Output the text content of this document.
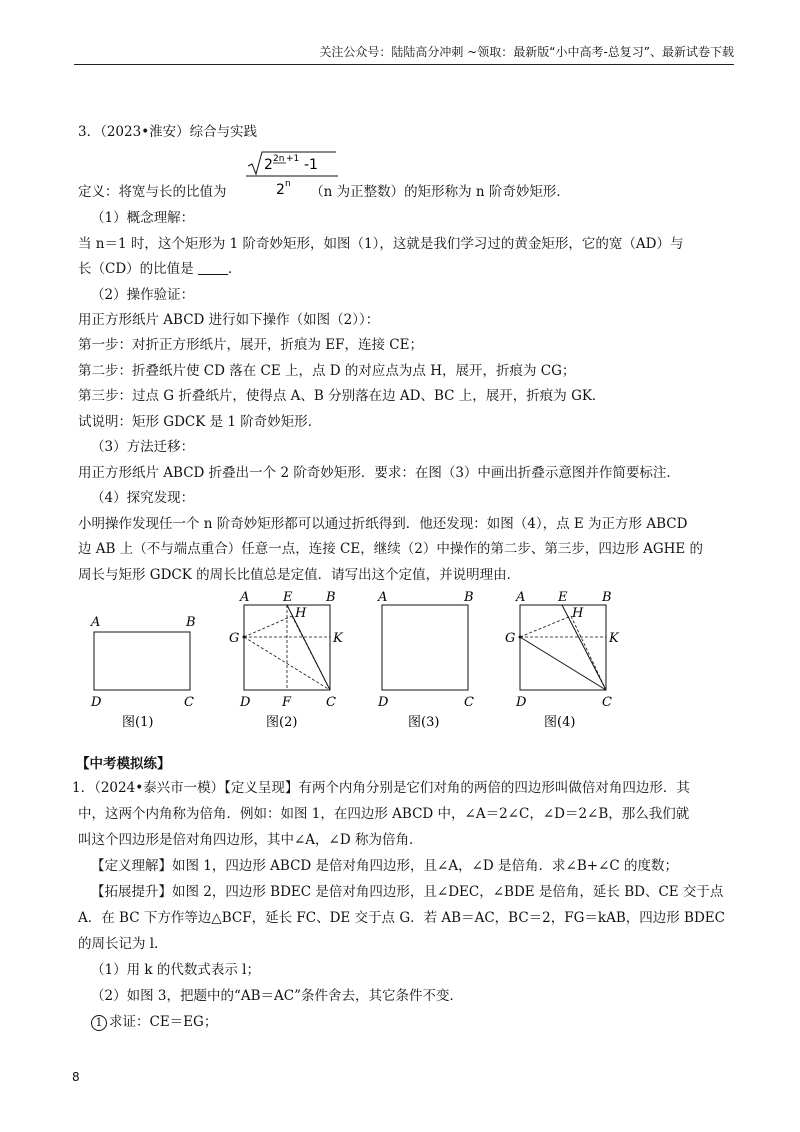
关注公众号：陆陆高分冲刺 ~领取：最新版“小中高考-总复习”、最新试卷下载
3．（2023•淮安）综合与实践
2 2n +1 -1
2 n
定义：将宽与长的比值为	（n 为正整数）的矩形称为 n 阶奇妙矩形．
（1）概念理解：
当 n＝1 时，这个矩形为 1 阶奇妙矩形，如图（1），这就是我们学习过的黄金矩形，它的宽（AD）与
长（CD）的比值是	．
（2）操作验证：
用正方形纸片 ABCD 进行如下操作（如图（2））：
第一步：对折正方形纸片，展开，折痕为 EF，连接 CE；
第二步：折叠纸片使 CD 落在 CE 上，点 D 的对应点为点 H，展开，折痕为 CG；
第三步：过点 G 折叠纸片，使得点 A、B 分别落在边 AD、BC 上，展开，折痕为 GK．
试说明：矩形 GDCK 是 1 阶奇妙矩形．
（3）方法迁移：
用正方形纸片 ABCD 折叠出一个 2 阶奇妙矩形．要求：在图（3）中画出折叠示意图并作简要标注．
（4）探究发现：
小明操作发现任一个 n 阶奇妙矩形都可以通过折纸得到．他还发现：如图（4），点 E 为正方形 ABCD
边 AB 上（不与端点重合）任意一点，连接 CE，继续（2）中操作的第二步、第三步，四边形 AGHE 的
周长与矩形 GDCK 的周长比值总是定值．请写出这个定值，并说明理由．
A	B
D	C
图(1)
A	E
H
B
G	K
D F	C
图(2)
A	B
D	C
图(3)
A	E
H
B
G	K
D	C
图(4)
【中考模拟练】
1．（2024•泰兴市一模）【定义呈现】有两个内角分别是它们对角的两倍的四边形叫做倍对角四边形．其
中，这两个内角称为倍角．例如：如图 1，在四边形 ABCD 中，∠A＝2∠C，∠D＝2∠B，那么我们就
叫这个四边形是倍对角四边形，其中∠A，∠D 称为倍角．
【定义理解】如图 1，四边形 ABCD 是倍对角四边形，且∠A，∠D 是倍角．求∠B+∠C 的度数；
【拓展提升】如图 2，四边形 BDEC 是倍对角四边形，且∠DEC，∠BDE 是倍角，延长 BD、CE 交于点
A．在 BC 下方作等边△BCF，延长 FC、DE 交于点 G．若 AB＝AC，BC＝2，FG＝kAB，四边形 BDEC
的周长记为 l．
（1）用 k 的代数式表示 l；
（2）如图 3，把题中的“AB＝AC”条件舍去，其它条件不变．
1 求证：CE＝EG；
8
